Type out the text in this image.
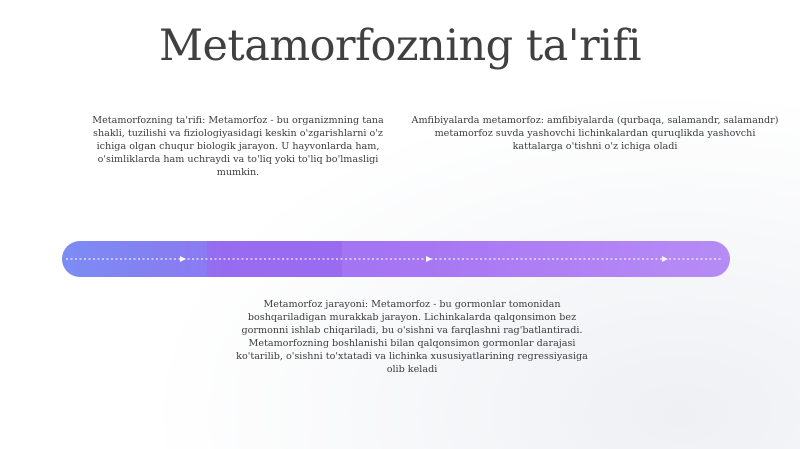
Metamorfozning ta'rifi
Metamorfozning ta'rifi: Metamorfoz - bu organizmning tana shakli, tuzilishi va fiziologiyasidagi keskin o'zgarishlarni o'z ichiga olgan chuqur biologik jarayon. U hayvonlarda ham, o'simliklarda ham uchraydi va to'liq yoki to'liq bo'lmasligi mumkin.
Amfibiyalarda metamorfoz: amfibiyalarda (qurbaqa, salamandr, salamandr) metamorfoz suvda yashovchi lichinkalardan quruqlikda yashovchi kattalarga o'tishni o'z ichiga oladi
Metamorfoz jarayoni: Metamorfoz - bu gormonlar tomonidan boshqariladigan murakkab jarayon. Lichinkalarda qalqonsimon bez gormonni ishlab chiqariladi, bu o'sishni va farqlashni rag'batlantiradi. Metamorfozning boshlanishi bilan qalqonsimon gormonlar darajasi ko'tarilib, o'sishni to'xtatadi va lichinka xususiyatlarining regressiyasiga olib keladi
